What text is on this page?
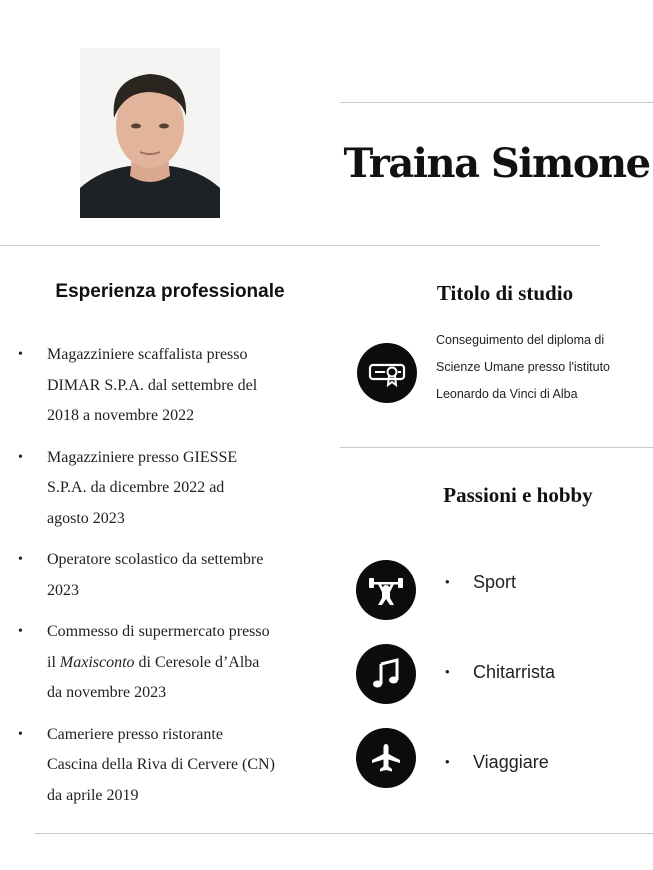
Traina Simone
Esperienza professionale
• Magazziniere scaffalista presso DIMAR S.P.A. dal settembre del 2018 a novembre 2022
• Magazziniere presso GIESSE S.P.A. da dicembre 2022 ad agosto 2023
• Operatore scolastico da settembre 2023
• Commesso di supermercato presso il Maxisconto di Ceresole d’Alba da novembre 2023
• Cameriere presso ristorante Cascina della Riva di Cervere (CN) da aprile 2019
Titolo di studio
Conseguimento del diploma di Scienze Umane presso l'istituto Leonardo da Vinci di Alba
Passioni e hobby
• Sport
• Chitarrista
• Viaggiare
